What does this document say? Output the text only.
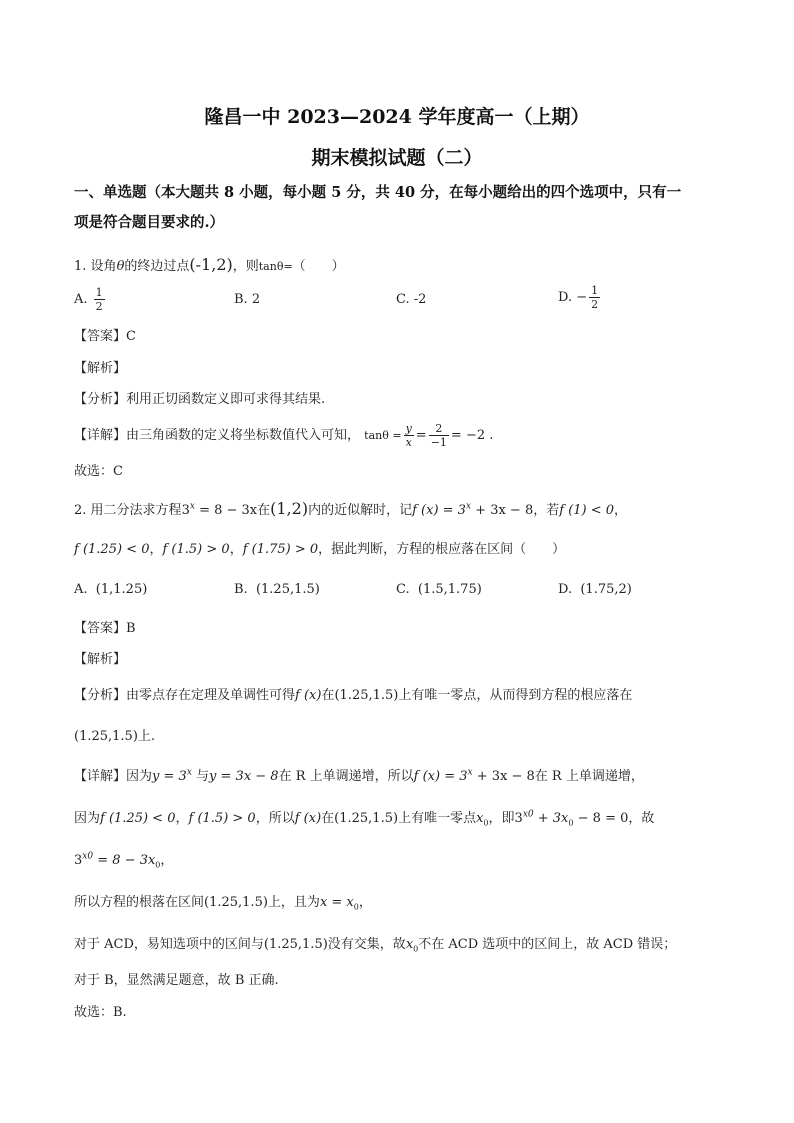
隆昌一中 2023—2024 学年度高一（上期）
期末模拟试题（二）
一、单选题（本大题共 8 小题，每小题 5 分，共 40 分，在每小题给出的四个选项中，只有一
项是符合题目要求的.）
1. 设角θ的终边过点(-1,2)，则tanθ=（　　）
A. $\frac{1}{2}$	B. 2	C. -2	D. − $\frac{1}{2}$
【答案】C
【解析】
【分析】利用正切函数定义即可求得其结果.
【详解】由三角函数的定义将坐标数值代入可知， $\tan\theta = \frac{y}{x} = \frac{2}{-1} = -2$ .
故选：C
2. 用二分法求方程$3^x = 8 - 3x$在(1,2)内的近似解时，记f $(x) = 3^x + 3x - 8$，若f (1) < 0，
f (1.25) < 0，f (1.5) > 0，f (1.75) > 0，据此判断，方程的根应落在区间（　　）
A. (1,1.25)	B. (1.25,1.5)	C. (1.5,1.75)	D. (1.75,2)
【答案】B
【解析】
【分析】由零点存在定理及单调性可得f (x)在(1.25,1.5)上有唯一零点，从而得到方程的根应落在
(1.25,1.5)上.
【详解】因为$y = 3^x$ 与y = 3x − 8在 R 上单调递增，所以f $(x) = 3^x + 3x - 8$在 R 上单调递增，
因为f (1.25) < 0，f (1.5) > 0，所以f (x)在(1.25,1.5)上有唯一零点$x_0$，即$3^{x0} + 3x_0 - 8 = 0$，故
$3^{x0} = 8 - 3x_0$，
所以方程的根落在区间(1.25,1.5)上，且为$x = x_0$，
对于 ACD，易知选项中的区间与(1.25,1.5)没有交集，故$x_0$不在 ACD 选项中的区间上，故 ACD 错误；
对于 B，显然满足题意，故 B 正确.
故选：B.
